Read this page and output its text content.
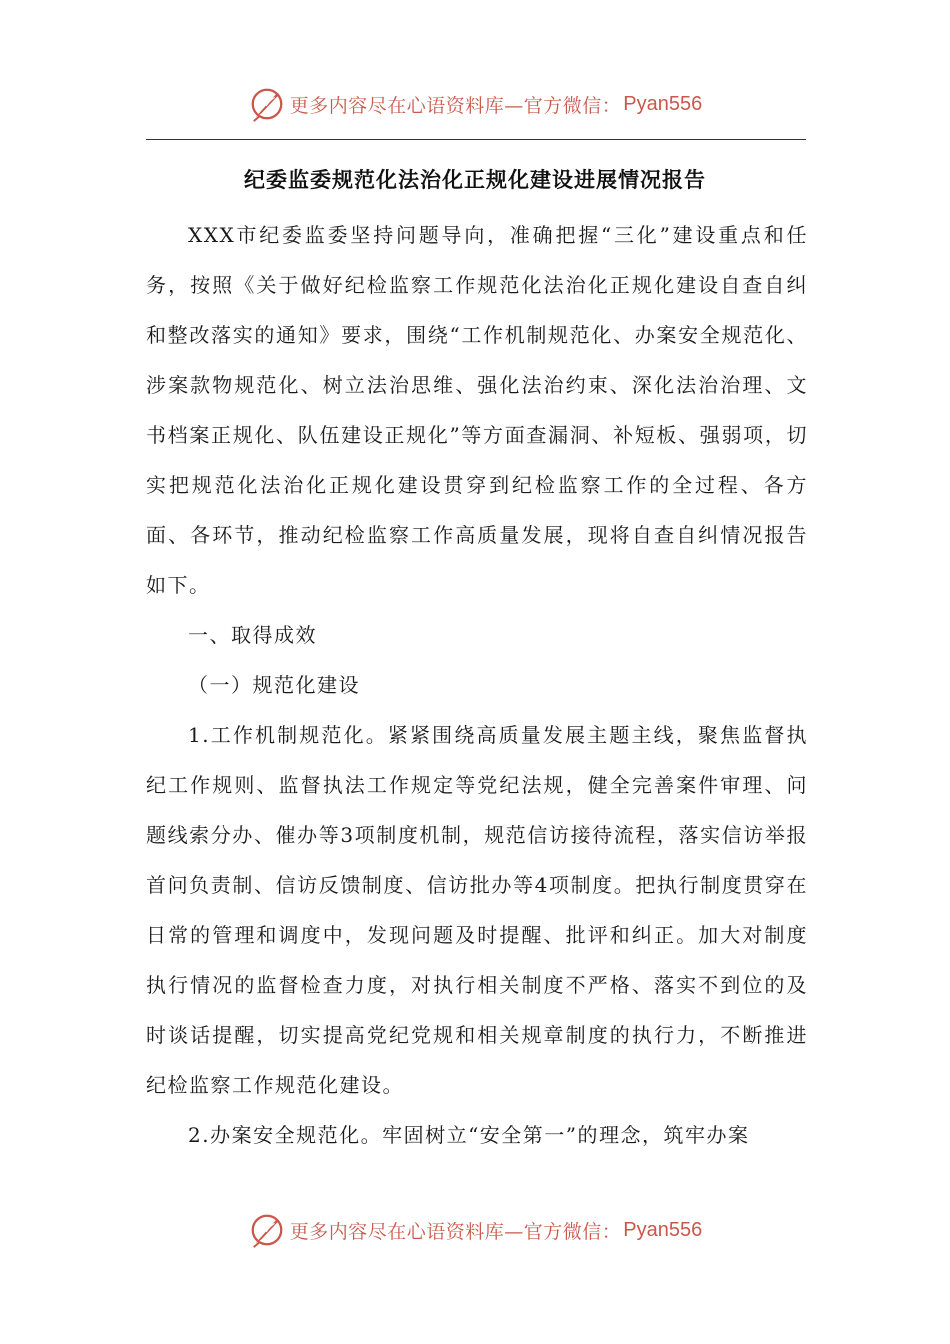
更多内容尽在心语资料库—官方微信： Pyan556
纪委监委规范化法治化正规化建设进展情况报告

XXX市纪委监委坚持问题导向，准确把握“三化”建设重点和任务，按照《关于做好纪检监察工作规范化法治化正规化建设自查自纠和整改落实的通知》要求，围绕“工作机制规范化、办案安全规范化、涉案款物规范化、树立法治思维、强化法治约束、深化法治治理、文书档案正规化、队伍建设正规化”等方面查漏洞、补短板、强弱项，切实把规范化法治化正规化建设贯穿到纪检监察工作的全过程、各方面、各环节，推动纪检监察工作高质量发展，现将自查自纠情况报告如下。

一、取得成效

（一）规范化建设

1.工作机制规范化。紧紧围绕高质量发展主题主线，聚焦监督执纪工作规则、监督执法工作规定等党纪法规，健全完善案件审理、问题线索分办、催办等3项制度机制，规范信访接待流程，落实信访举报首问负责制、信访反馈制度、信访批办等4项制度。把执行制度贯穿在日常的管理和调度中，发现问题及时提醒、批评和纠正。加大对制度执行情况的监督检查力度，对执行相关制度不严格、落实不到位的及时谈话提醒，切实提高党纪党规和相关规章制度的执行力，不断推进纪检监察工作规范化建设。

2.办案安全规范化。牢固树立“安全第一”的理念，筑牢办案

更多内容尽在心语资料库—官方微信： Pyan556
